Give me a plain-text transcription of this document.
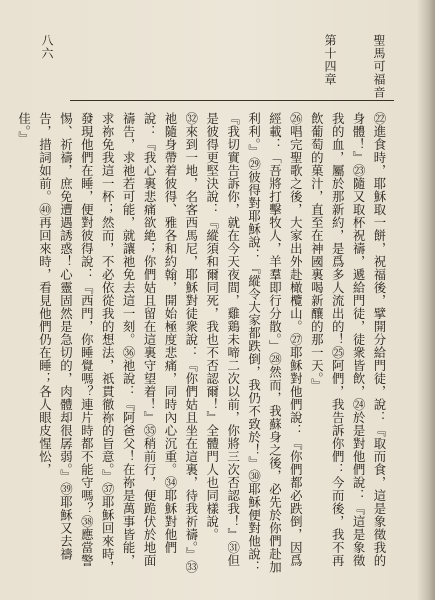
聖馬可福音
第十四章
八六

㉒進食時，耶穌取一餅，祝福後，擘開分給門徒，說：『取而食，這是象徵我的身體！』㉓隨又取杯祝禱，遞給門徒，徒衆皆飲，㉔於是對他們說：『這是象徵我的血，屬於那新約，是爲多人流出的！㉕阿們，我告訴你們：今而後，我不再飲葡萄的菓汁，直至在神國裏喝新釀的那一天。』

㉖唱完聖歌之後，大家出外赴橄欖山。㉗耶穌對他們說：『你們都必跌倒，因爲經載：「吾將打擊牧人，羊羣即行分散。」㉘然而，我蘇身之後，必先於你們赴加利利。』㉙彼得對耶穌說：『縱令大家都跌倒，我仍不致於！』㉚耶穌便對他說：『我切實告訴你，就在今天夜間，雞鶏未啼二次以前，你將三次否認我！』㉛但是彼得更堅決說：『縱須和爾同死，我也不否認爾！』全體門人也同樣說。

㉜來到一地，名客西馬尼，耶穌對徒衆說：『你們姑且坐在這裏，待我祈禱。』㉝祂隨身帶着彼得、雅各和約翰，開始極度悲痛，同時內心沉重。㉞耶穌對他們說：『我心裏悲痛欲絶；你們姑且留在這裏守望着！』㉟稍前行，便跪伏於地面禱告，求祂若可能，就讓祂免去這一刻。㊱祂說：『阿爸父！在祢是萬事皆能，求祢免我這一杯；然而，不必依從我的想法，祇貫徹祢的旨意。』㊲耶穌回來時，發現他們在睡，便對彼得說：『西門，你睡覺嗎？連片時都不能守嗎？㊳應當警惕、祈禱，庶免遭遇誘惑！心靈固然是急切的，肉體却很孱弱。』㊴耶穌又去禱告，措詞如前。㊵再回來時，看見他們仍在睡；各人眼皮惺忪，

佳。』
